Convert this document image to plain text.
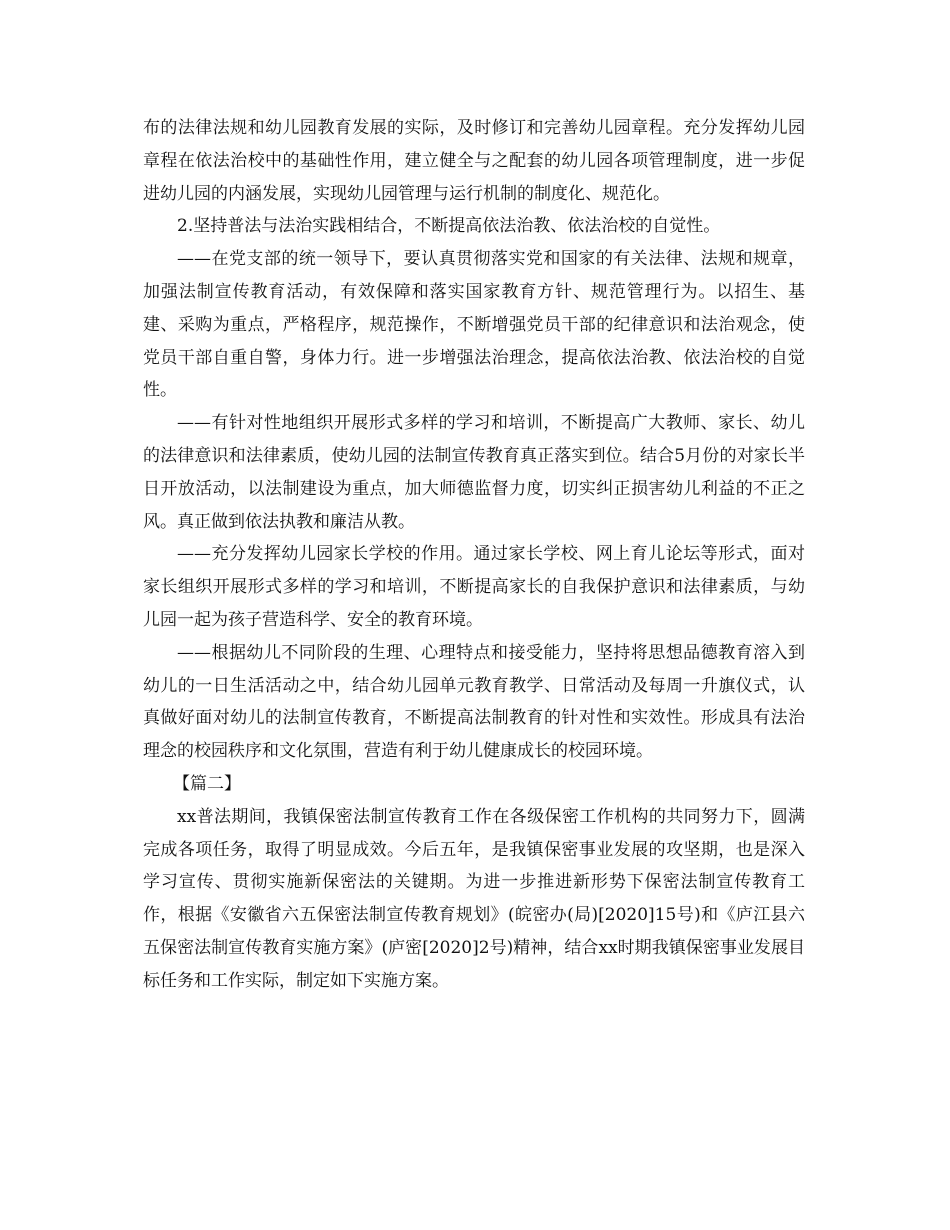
布的法律法规和幼儿园教育发展的实际，及时修订和完善幼儿园章程。充分发挥幼儿园章程在依法治校中的基础性作用，建立健全与之配套的幼儿园各项管理制度，进一步促进幼儿园的内涵发展，实现幼儿园管理与运行机制的制度化、规范化。

2.坚持普法与法治实践相结合，不断提高依法治教、依法治校的自觉性。

——在党支部的统一领导下，要认真贯彻落实党和国家的有关法律、法规和规章，加强法制宣传教育活动，有效保障和落实国家教育方针、规范管理行为。以招生、基建、采购为重点，严格程序，规范操作，不断增强党员干部的纪律意识和法治观念，使党员干部自重自警，身体力行。进一步增强法治理念，提高依法治教、依法治校的自觉性。

——有针对性地组织开展形式多样的学习和培训，不断提高广大教师、家长、幼儿的法律意识和法律素质，使幼儿园的法制宣传教育真正落实到位。结合5月份的对家长半日开放活动，以法制建设为重点，加大师德监督力度，切实纠正损害幼儿利益的不正之风。真正做到依法执教和廉洁从教。

——充分发挥幼儿园家长学校的作用。通过家长学校、网上育儿论坛等形式，面对家长组织开展形式多样的学习和培训，不断提高家长的自我保护意识和法律素质，与幼儿园一起为孩子营造科学、安全的教育环境。

——根据幼儿不同阶段的生理、心理特点和接受能力，坚持将思想品德教育溶入到幼儿的一日生活活动之中，结合幼儿园单元教育教学、日常活动及每周一升旗仪式，认真做好面对幼儿的法制宣传教育，不断提高法制教育的针对性和实效性。形成具有法治理念的校园秩序和文化氛围，营造有利于幼儿健康成长的校园环境。

【篇二】

xx普法期间，我镇保密法制宣传教育工作在各级保密工作机构的共同努力下，圆满完成各项任务，取得了明显成效。今后五年，是我镇保密事业发展的攻坚期，也是深入学习宣传、贯彻实施新保密法的关键期。为进一步推进新形势下保密法制宣传教育工作，根据《安徽省六五保密法制宣传教育规划》(皖密办(局)[2020]15号)和《庐江县六五保密法制宣传教育实施方案》(庐密[2020]2号)精神，结合xx时期我镇保密事业发展目标任务和工作实际，制定如下实施方案。
